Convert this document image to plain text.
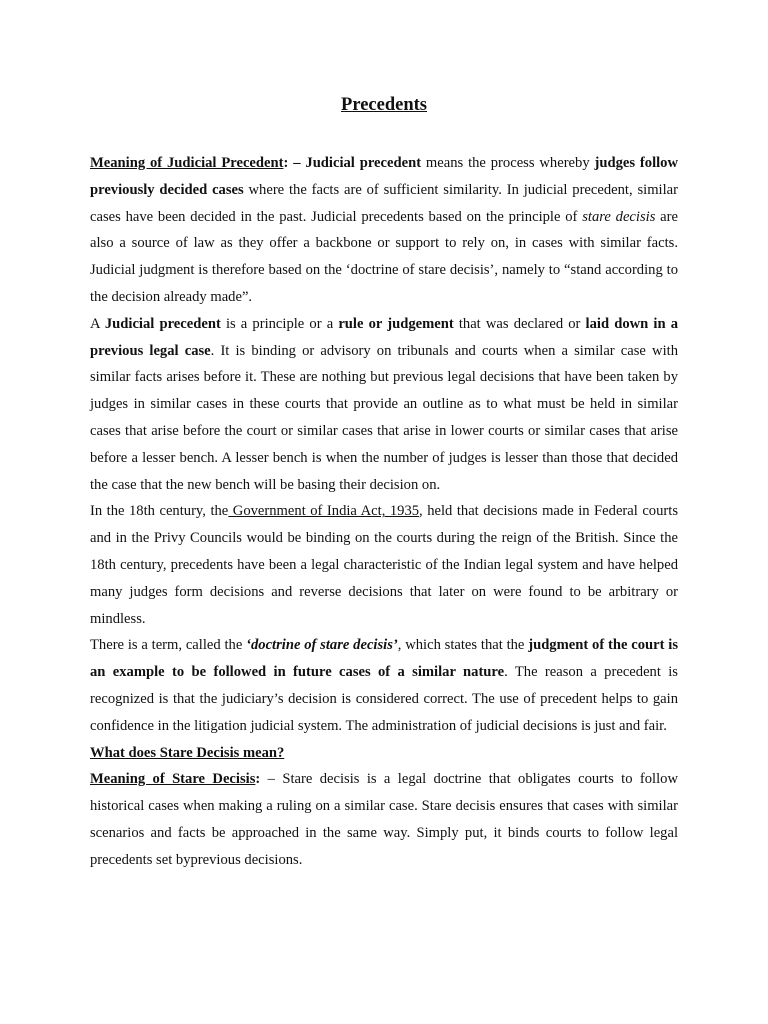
Precedents

Meaning of Judicial Precedent: – Judicial precedent means the process whereby judges follow previously decided cases where the facts are of sufficient similarity. In judicial precedent, similar cases have been decided in the past. Judicial precedents based on the principle of stare decisis are also a source of law as they offer a backbone or support to rely on, in cases with similar facts. Judicial judgment is therefore based on the ‘doctrine of stare decisis’, namely to “stand according to the decision already made”.

A Judicial precedent is a principle or a rule or judgement that was declared or laid down in a previous legal case. It is binding or advisory on tribunals and courts when a similar case with similar facts arises before it. These are nothing but previous legal decisions that have been taken by judges in similar cases in these courts that provide an outline as to what must be held in similar cases that arise before the court or similar cases that arise in lower courts or similar cases that arise before a lesser bench. A lesser bench is when the number of judges is lesser than those that decided the case that the new bench will be basing their decision on.

In the 18th century, the Government of India Act, 1935, held that decisions made in Federal courts and in the Privy Councils would be binding on the courts during the reign of the British. Since the 18th century, precedents have been a legal characteristic of the Indian legal system and have helped many judges form decisions and reverse decisions that later on were found to be arbitrary or mindless.

There is a term, called the ‘doctrine of stare decisis’, which states that the judgment of the court is an example to be followed in future cases of a similar nature. The reason a precedent is recognized is that the judiciary’s decision is considered correct. The use of precedent helps to gain confidence in the litigation judicial system. The administration of judicial decisions is just and fair.

What does Stare Decisis mean?

Meaning of Stare Decisis: – Stare decisis is a legal doctrine that obligates courts to follow historical cases when making a ruling on a similar case. Stare decisis ensures that cases with similar scenarios and facts be approached in the same way. Simply put, it binds courts to follow legal precedents set byprevious decisions.
